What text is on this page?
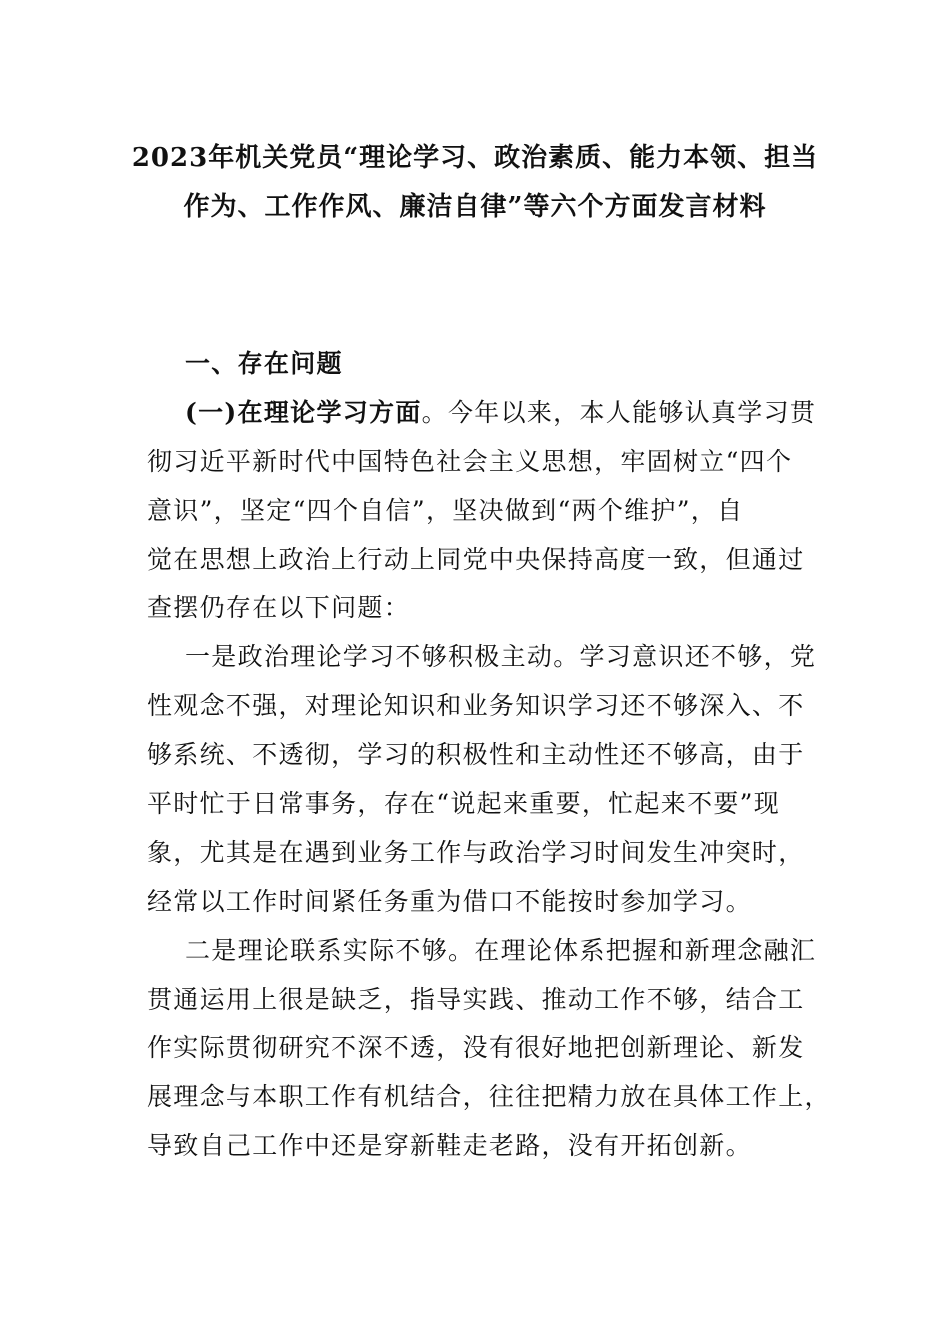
2023年机关党员“理论学习、政治素质、能力本领、担当
作为、工作作风、廉洁自律”等六个方面发言材料
一、存在问题
(一)在理论学习方面。今年以来，本人能够认真学习贯
彻习近平新时代中国特色社会主义思想，牢固树立“四个
意识”，坚定“四个自信”，坚决做到“两个维护”，自
觉在思想上政治上行动上同党中央保持高度一致，但通过
查摆仍存在以下问题：
一是政治理论学习不够积极主动。学习意识还不够，党
性观念不强，对理论知识和业务知识学习还不够深入、不
够系统、不透彻，学习的积极性和主动性还不够高，由于
平时忙于日常事务，存在“说起来重要，忙起来不要”现
象，尤其是在遇到业务工作与政治学习时间发生冲突时，
经常以工作时间紧任务重为借口不能按时参加学习。
二是理论联系实际不够。在理论体系把握和新理念融汇
贯通运用上很是缺乏，指导实践、推动工作不够，结合工
作实际贯彻研究不深不透，没有很好地把创新理论、新发
展理念与本职工作有机结合，往往把精力放在具体工作上，
导致自己工作中还是穿新鞋走老路，没有开拓创新。
